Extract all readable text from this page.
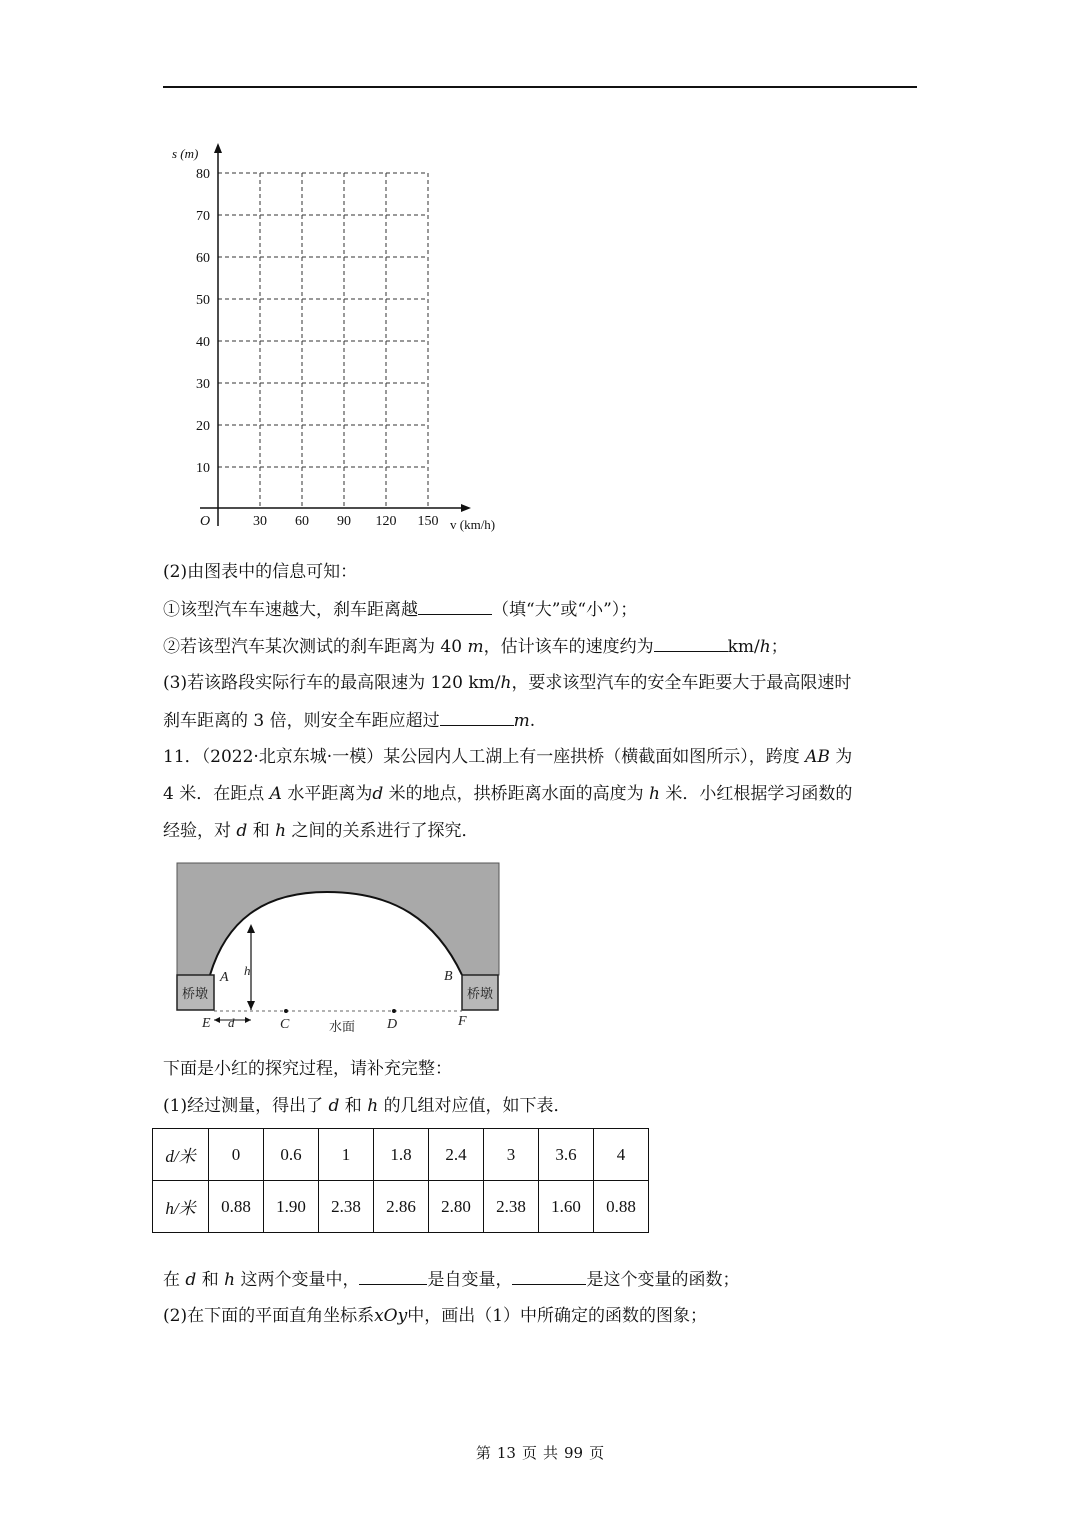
s (m)
O	v (km/h)
30 60 90 120 150
80
70
60
50
40
30
20
10
(2)由图表中的信息可知：
①该型汽车车速越大，刹车距离越	（填“大”或“小”）；
②若该型汽车某次测试的刹车距离为 40 m，估计该车的速度约为	km/h；
(3)若该路段实际行车的最高限速为 120 km/h，要求该型汽车的安全车距要大于最高限速时
刹车距离的 3 倍，则安全车距应超过	m.
11．（2022·北京东城·一模）某公园内人工湖上有一座拱桥（横截面如图所示），跨度 AB 为
4 米．在距点 A 水平距离为d 米的地点，拱桥距离水面的高度为 h 米．小红根据学习函数的
经验，对 d 和 h 之间的关系进行了探究．
桥墩	桥墩
h
A	B
E d	C	D	F
水面
下面是小红的探究过程，请补充完整：
(1)经过测量，得出了 d 和 h 的几组对应值，如下表．
d/米	0	0.6	1	1.8	2.4	3	3.6	4
h/米	0.88	1.90	2.38	2.86	2.80	2.38	1.60	0.88
在 d 和 h 这两个变量中，	是自变量，	是这个变量的函数；
(2)在下面的平面直角坐标系xOy中，画出（1）中所确定的函数的图象；
第 13 页 共 99 页
